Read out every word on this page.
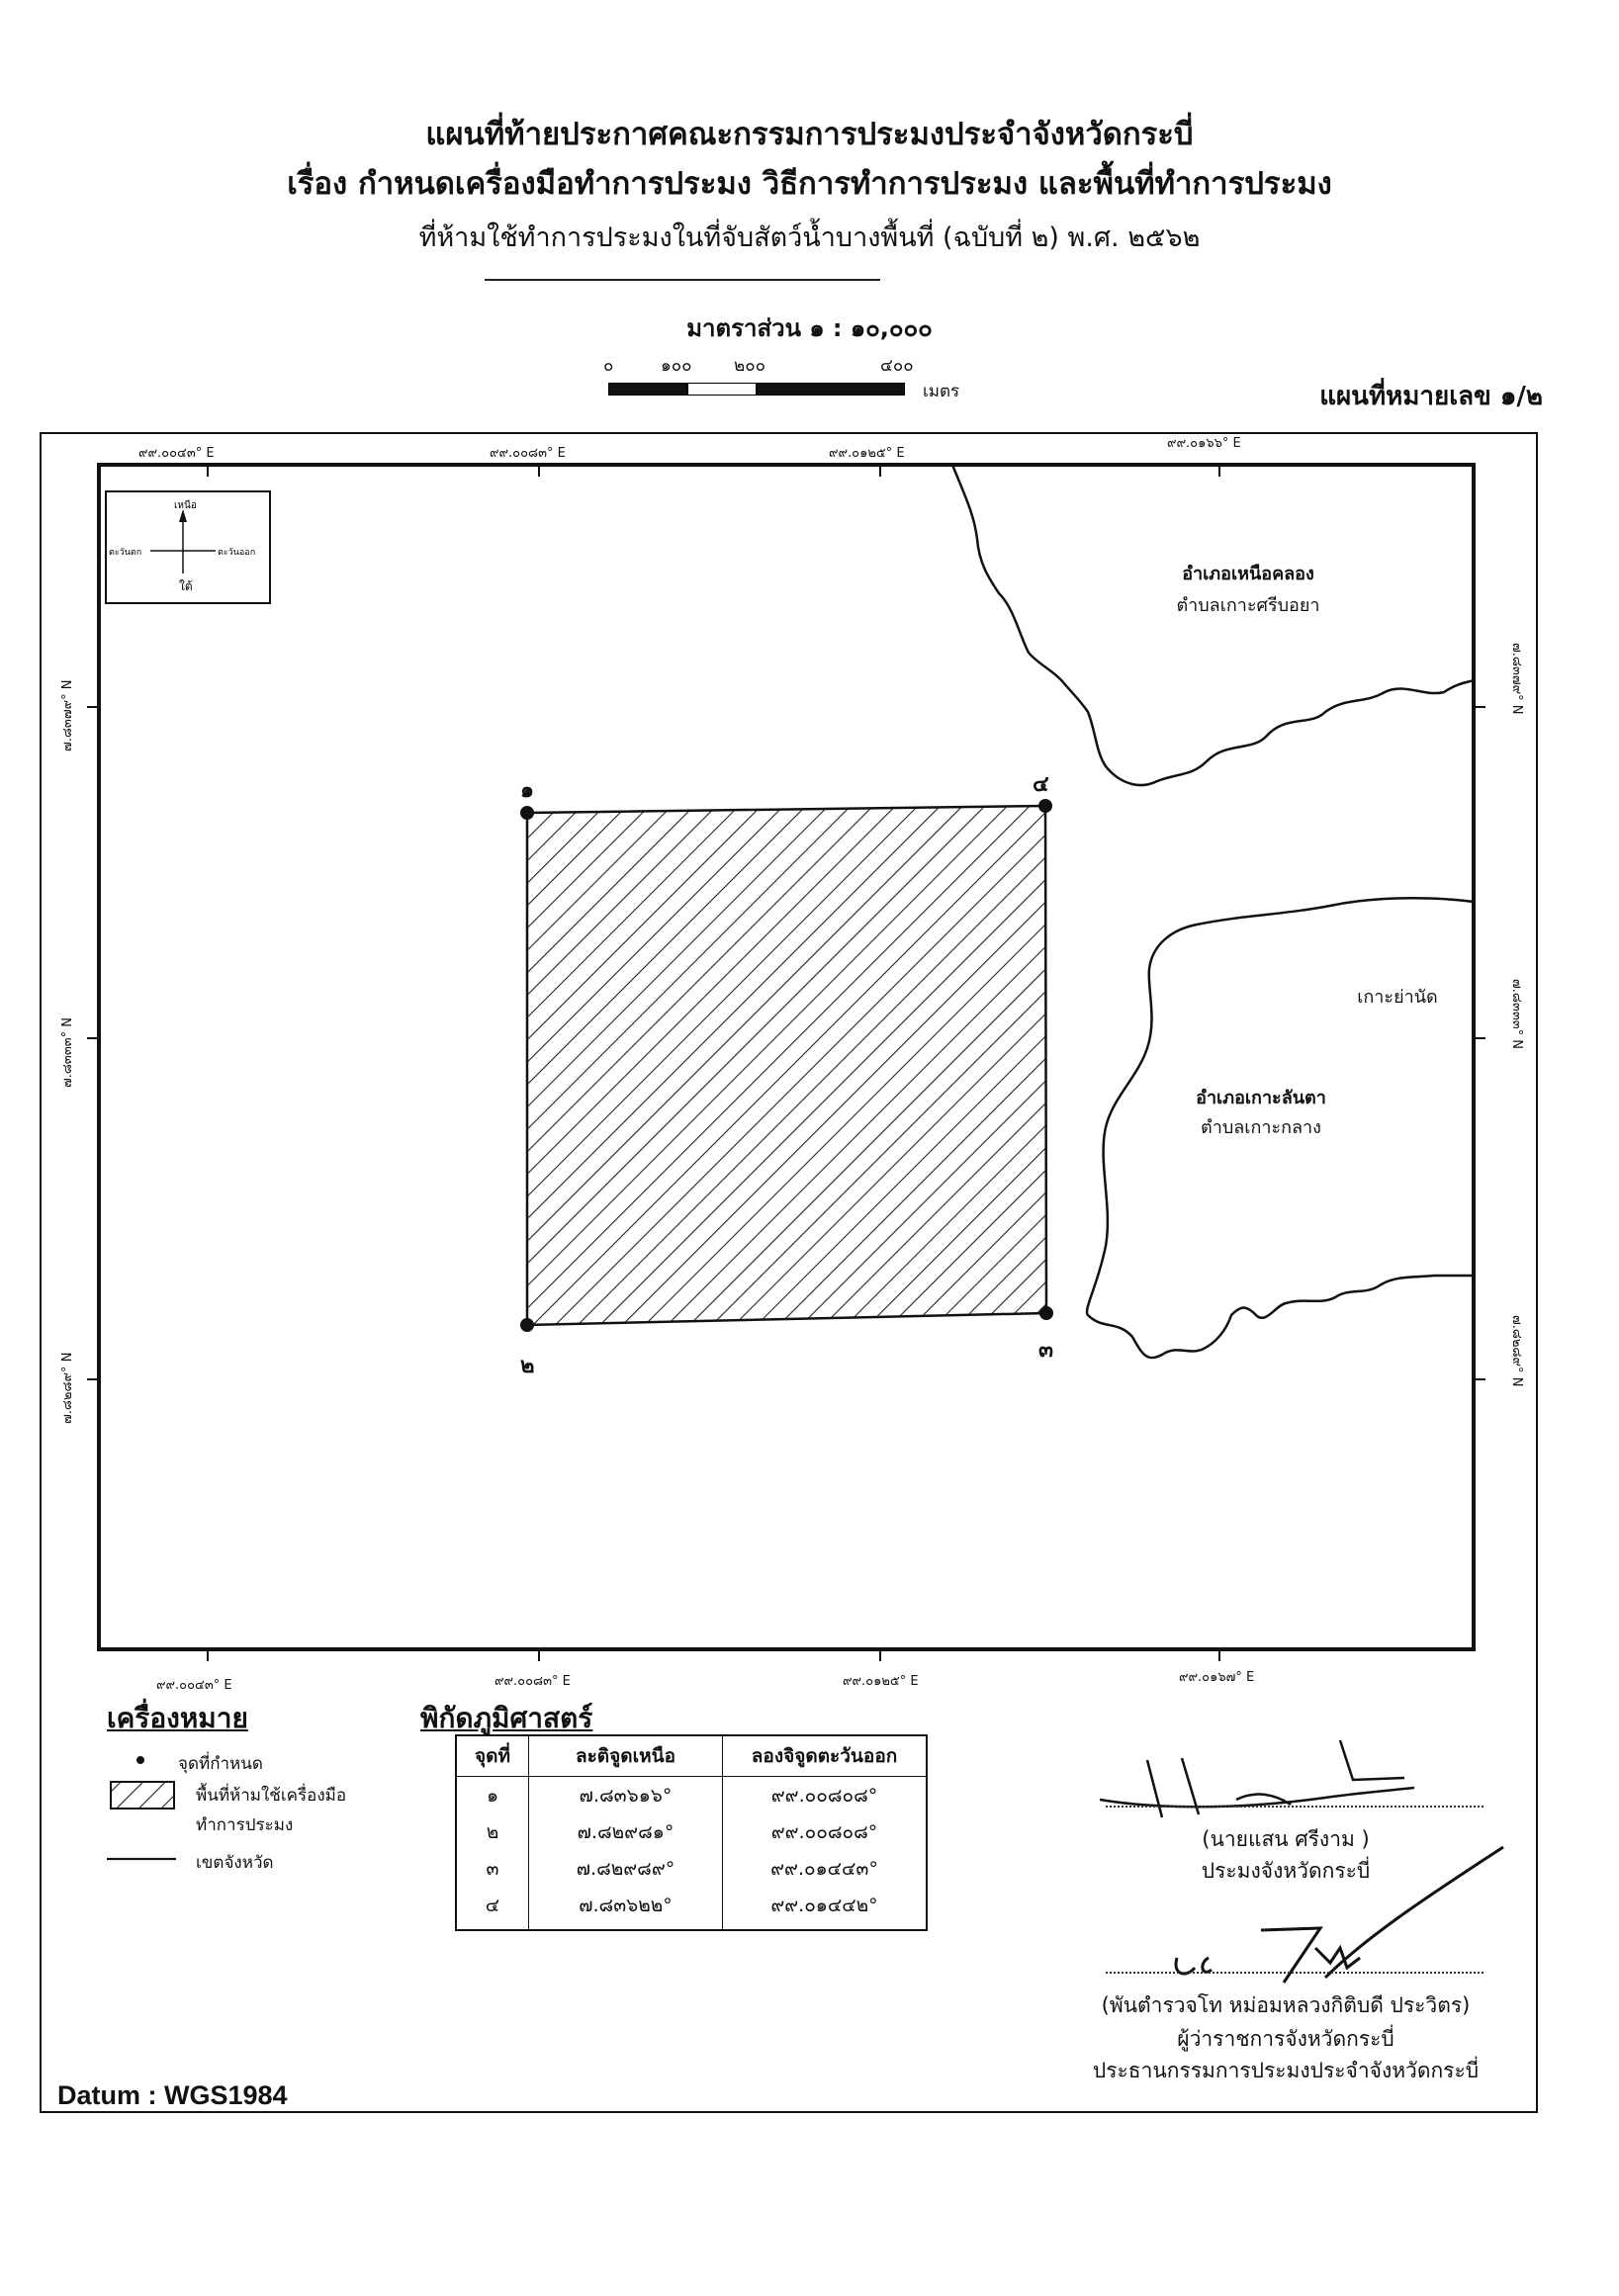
แผนที่ท้ายประกาศคณะกรรมการประมงประจำจังหวัดกระบี่
เรื่อง กำหนดเครื่องมือทำการประมง วิธีการทำการประมง และพื้นที่ทำการประมง
ที่ห้ามใช้ทำการประมงในที่จับสัตว์น้ำบางพื้นที่ (ฉบับที่ ๒) พ.ศ. ๒๕๖๒
มาตราส่วน ๑ : ๑๐,๐๐๐
๐	๑๐๐ ๒๐๐	๔๐๐
เมตร	แผนที่หมายเลข ๑/๒
๙๙.๐๐๔๓° E	๙๙.๐๐๘๓° E	๙๙.๐๑๒๕° E
๙๙.๐๑๖๖° E
๙๙.๐๐๔๓° E	๙๙.๐๐๘๓° E	๙๙.๐๑๒๕° E	๙๙.๐๑๖๗° E
๗.๘๓๗๙° N
๗.๘๓๓๓° N
๗.๘๒๘๙° N
๗.๘๓๗๙° N
๗.๘๓๓๓° N
๗.๘๒๘๙° N
เหนือ
ใต้
ตะวันตก	ตะวันออก
๑
๒
๓
๔
อำเภอเหนือคลอง
ตำบลเกาะศรีบอยา
เกาะย่านัด
อำเภอเกาะลันตา
ตำบลเกาะกลาง
เครื่องหมาย
จุดที่กำหนด
พื้นที่ห้ามใช้เครื่องมือ
ทำการประมง
เขตจังหวัด
พิกัดภูมิศาสตร์
จุดที่	ละติจูดเหนือ	ลองจิจูดตะวันออก
๑	๗.๘๓๖๑๖°	๙๙.๐๐๘๐๘°
๒	๗.๘๒๙๘๑°	๙๙.๐๐๘๐๘°
๓	๗.๘๒๙๘๙°	๙๙.๐๑๔๔๓°
๔	๗.๘๓๖๒๒°	๙๙.๐๑๔๔๒°
(นายแสน ศรีงาม )
ประมงจังหวัดกระบี่
(พันตำรวจโท หม่อมหลวงกิติบดี ประวิตร)
ผู้ว่าราชการจังหวัดกระบี่
ประธานกรรมการประมงประจำจังหวัดกระบี่
Datum : WGS1984
